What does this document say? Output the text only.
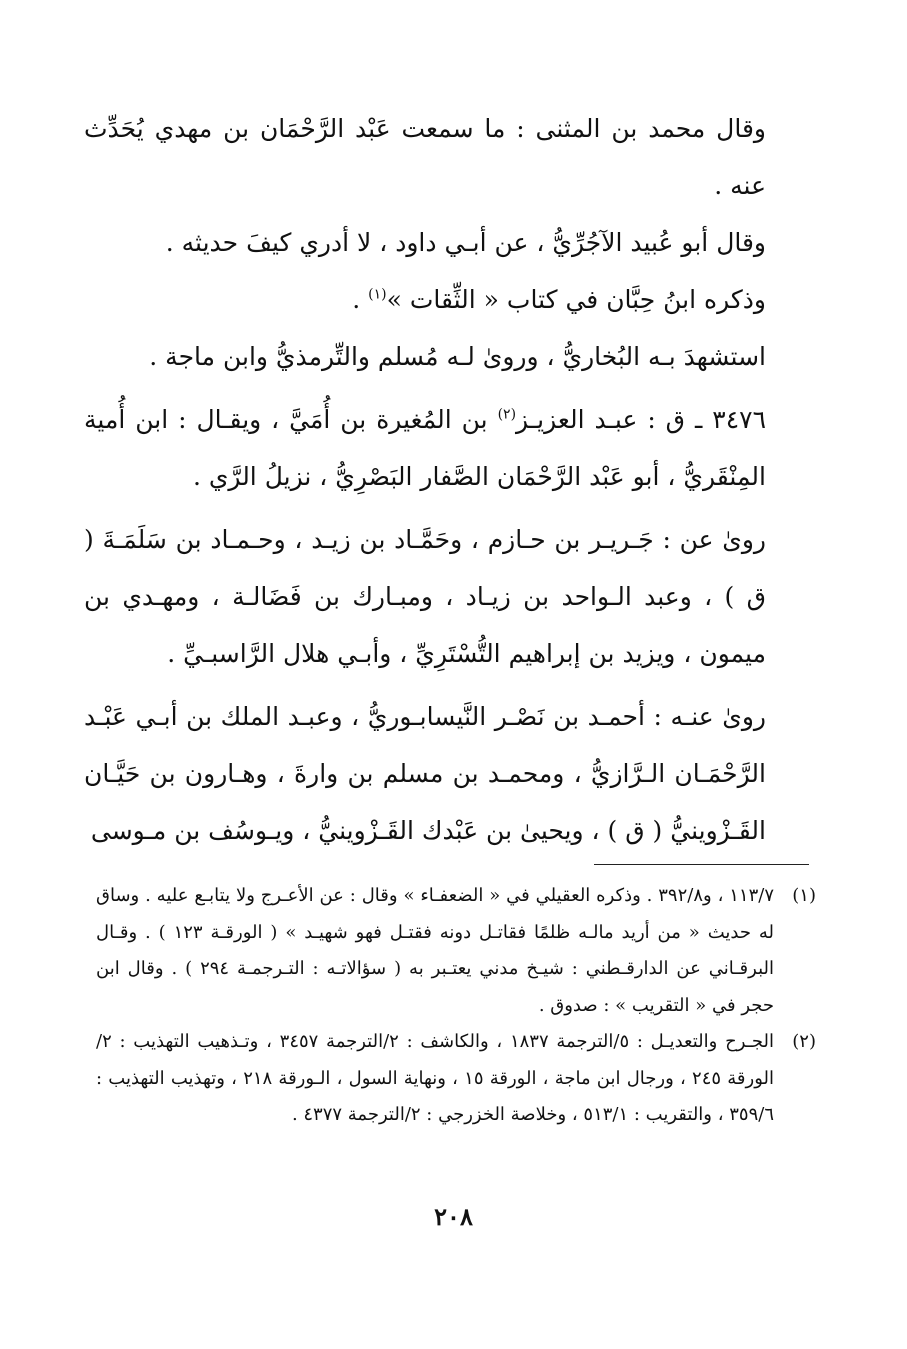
وقال محمد بن المثنى : ما سمعت عَبْد الرَّحْمَان بن مهدي يُحَدِّث عنه .

وقال أبو عُبيد الآجُرِّيُّ ، عن أبـي داود ، لا أدري كيفَ حديثه .

وذكره ابنُ حِبَّان في كتاب « الثِّقات »$^{(١)}$ .

استشهدَ بـه البُخاريُّ ، وروىٰ لـه مُسلم والتِّرمذيُّ وابن ماجة .

٣٤٧٦ ـ ق : عبـد العزيـز$^{(٢)}$ بن المُغيرة بن أُمَيَّ ، ويقـال : ابن أُمية المِنْقَريُّ ، أبو عَبْد الرَّحْمَان الصَّفار البَصْرِيُّ ، نزيلُ الرَّي .

روىٰ عن : جَـريـر بن حـازم ، وحَمَّـاد بن زيـد ، وحـمـاد بن سَلَمَـةَ ( ق ) ، وعبد الـواحد بن زيـاد ، ومبـارك بن فَضَالـة ، ومهـدي بن ميمون ، ويزيد بن إبراهيم التُّسْتَرِيِّ ، وأبـي هلال الرَّاسبـيِّ .

روىٰ عنـه : أحمـد بن نَصْـر النَّيسابـوريُّ ، وعبـد الملك بن أبـي عَبْـد الرَّحْمَـان الـرَّازيُّ ، ومحمـد بن مسلم بن وارةَ ، وهـارون بن حَيَّـان القَـزْوينيُّ ( ق ) ، ويحيىٰ بن عَبْدك القَـزْوينيُّ ، ويـوسُف بن مـوسى

(١)
١١٣/٧ ، و٣٩٢/٨ . وذكره العقيلي في « الضعفـاء » وقال : عن الأعـرج ولا يتابـع عليه . وساق له حديث « من أريد مالـه ظلمًا فقاتـل دونه فقتـل فهو شهيـد » ( الورقـة ١٢٣ ) . وقـال البرقـاني عن الدارقـطني : شيـخ مدني يعتـبر به ( سؤالاتـه : التـرجمـة ٢٩٤ ) . وقال ابن حجر في « التقريب » : صدوق .
(٢)
الجـرح والتعديـل : ٥/الترجمة ١٨٣٧ ، والكاشف : ٢/الترجمة ٣٤٥٧ ، وتـذهيب التهذيب : ٢/الورقة ٢٤٥ ، ورجال ابن ماجة ، الورقة ١٥ ، ونهاية السول ، الـورقة ٢١٨ ، وتهذيب التهذيب : ٣٥٩/٦ ، والتقريب : ٥١٣/١ ، وخلاصة الخزرجي : ٢/الترجمة ٤٣٧٧ .
٢٠٨
